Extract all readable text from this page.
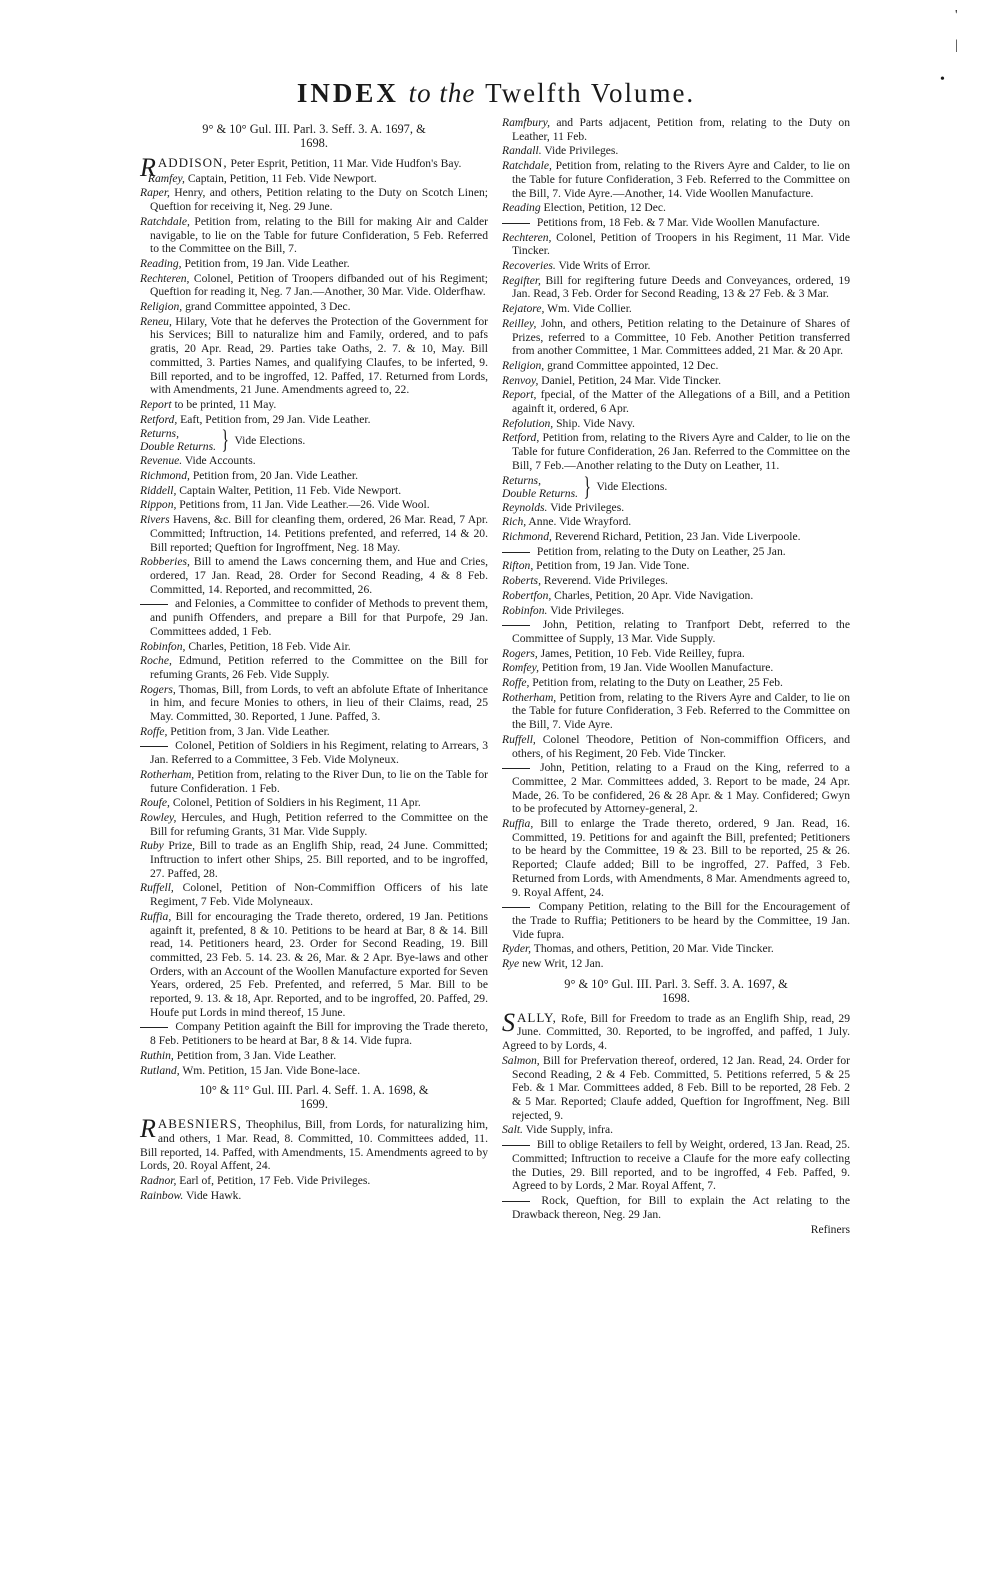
'
|
•
INDEX to the Twelfth Volume.
9° & 10° Gul. III. Parl. 3. Seff. 3. A. 1697, &
1698.
RADDISON, Peter Esprit, Petition, 11 Mar. Vide Hudfon's Bay.
Ramfey, Captain, Petition, 11 Feb. Vide Newport.
Raper, Henry, and others, Petition relating to the Duty on Scotch Linen; Queftion for receiving it, Neg. 29 June.
Ratchdale, Petition from, relating to the Bill for making Air and Calder navigable, to lie on the Table for future Confideration, 5 Feb. Referred to the Committee on the Bill, 7.
Reading, Petition from, 19 Jan. Vide Leather.
Rechteren, Colonel, Petition of Troopers difbanded out of his Regiment; Queftion for reading it, Neg. 7 Jan.—Another, 30 Mar. Vide. Olderfhaw.
Religion, grand Committee appointed, 3 Dec.
Reneu, Hilary, Vote that he deferves the Protection of the Government for his Services; Bill to naturalize him and Family, ordered, and to pafs gratis, 20 Apr. Read, 29. Parties take Oaths, 2. 7. & 10, May. Bill committed, 3. Parties Names, and qualifying Claufes, to be inferted, 9. Bill reported, and to be ingroffed, 12. Paffed, 17. Returned from Lords, with Amendments, 21 June. Amendments agreed to, 22.
Report to be printed, 11 May.
Retford, Eaft, Petition from, 29 Jan. Vide Leather.
Returns,
Double Returns. } Vide Elections.
Revenue. Vide Accounts.
Richmond, Petition from, 20 Jan. Vide Leather.
Riddell, Captain Walter, Petition, 11 Feb. Vide Newport.
Rippon, Petitions from, 11 Jan. Vide Leather.—26. Vide Wool.
Rivers Havens, &c. Bill for cleanfing them, ordered, 26 Mar. Read, 7 Apr. Committed; Inftruction, 14. Petitions prefented, and referred, 14 & 20. Bill reported; Queftion for Ingroffment, Neg. 18 May.
Robberies, Bill to amend the Laws concerning them, and Hue and Cries, ordered, 17 Jan. Read, 28. Order for Second Reading, 4 & 8 Feb. Committed, 14. Reported, and recommitted, 26.
and Felonies, a Committee to confider of Methods to prevent them, and punifh Offenders, and prepare a Bill for that Purpofe, 29 Jan. Committees added, 1 Feb.
Robinfon, Charles, Petition, 18 Feb. Vide Air.
Roche, Edmund, Petition referred to the Committee on the Bill for refuming Grants, 26 Feb. Vide Supply.
Rogers, Thomas, Bill, from Lords, to veft an abfolute Eftate of Inheritance in him, and fecure Monies to others, in lieu of their Claims, read, 25 May. Committed, 30. Reported, 1 June. Paffed, 3.
Roffe, Petition from, 3 Jan. Vide Leather.
Colonel, Petition of Soldiers in his Regiment, relating to Arrears, 3 Jan. Referred to a Committee, 3 Feb. Vide Molyneux.
Rotherham, Petition from, relating to the River Dun, to lie on the Table for future Confideration. 1 Feb.
Roufe, Colonel, Petition of Soldiers in his Regiment, 11 Apr.
Rowley, Hercules, and Hugh, Petition referred to the Committee on the Bill for refuming Grants, 31 Mar. Vide Supply.
Ruby Prize, Bill to trade as an Englifh Ship, read, 24 June. Committed; Inftruction to infert other Ships, 25. Bill reported, and to be ingroffed, 27. Paffed, 28.
Ruffell, Colonel, Petition of Non-Commiffion Officers of his late Regiment, 7 Feb. Vide Molyneaux.
Ruffia, Bill for encouraging the Trade thereto, ordered, 19 Jan. Petitions againft it, prefented, 8 & 10. Petitions to be heard at Bar, 8 & 14. Bill read, 14. Petitioners heard, 23. Order for Second Reading, 19. Bill committed, 23 Feb. 5. 14. 23. & 26, Mar. & 2 Apr. Bye-laws and other Orders, with an Account of the Woollen Manufacture exported for Seven Years, ordered, 25 Feb. Prefented, and referred, 5 Mar. Bill to be reported, 9. 13. & 18, Apr. Reported, and to be ingroffed, 20. Paffed, 29. Houfe put Lords in mind thereof, 15 June.
Company Petition againft the Bill for improving the Trade thereto, 8 Feb. Petitioners to be heard at Bar, 8 & 14. Vide fupra.
Ruthin, Petition from, 3 Jan. Vide Leather.
Rutland, Wm. Petition, 15 Jan. Vide Bone-lace.
10° & 11° Gul. III. Parl. 4. Seff. 1. A. 1698, &
1699.
RABESNIERS, Theophilus, Bill, from Lords, for naturalizing him, and others, 1 Mar. Read, 8. Committed, 10. Committees added, 11. Bill reported, 14. Paffed, with Amendments, 15. Amendments agreed to by Lords, 20. Royal Affent, 24.
Radnor, Earl of, Petition, 17 Feb. Vide Privileges.
Rainbow. Vide Hawk.
Ramfbury, and Parts adjacent, Petition from, relating to the Duty on Leather, 11 Feb.
Randall. Vide Privileges.
Ratchdale, Petition from, relating to the Rivers Ayre and Calder, to lie on the Table for future Confideration, 3 Feb. Referred to the Committee on the Bill, 7. Vide Ayre.—Another, 14. Vide Woollen Manufacture.
Reading Election, Petition, 12 Dec.
Petitions from, 18 Feb. & 7 Mar. Vide Woollen Manufacture.
Rechteren, Colonel, Petition of Troopers in his Regiment, 11 Mar. Vide Tincker.
Recoveries. Vide Writs of Error.
Regifter, Bill for regiftering future Deeds and Conveyances, ordered, 19 Jan. Read, 3 Feb. Order for Second Reading, 13 & 27 Feb. & 3 Mar.
Rejatore, Wm. Vide Collier.
Reilley, John, and others, Petition relating to the Detainure of Shares of Prizes, referred to a Committee, 10 Feb. Another Petition transferred from another Committee, 1 Mar. Committees added, 21 Mar. & 20 Apr.
Religion, grand Committee appointed, 12 Dec.
Renvoy, Daniel, Petition, 24 Mar. Vide Tincker.
Report, fpecial, of the Matter of the Allegations of a Bill, and a Petition againft it, ordered, 6 Apr.
Refolution, Ship. Vide Navy.
Retford, Petition from, relating to the Rivers Ayre and Calder, to lie on the Table for future Confideration, 26 Jan. Referred to the Committee on the Bill, 7 Feb.—Another relating to the Duty on Leather, 11.
Returns,
Double Returns. } Vide Elections.
Reynolds. Vide Privileges.
Rich, Anne. Vide Wrayford.
Richmond, Reverend Richard, Petition, 23 Jan. Vide Liverpoole.
Petition from, relating to the Duty on Leather, 25 Jan.
Rifton, Petition from, 19 Jan. Vide Tone.
Roberts, Reverend. Vide Privileges.
Robertfon, Charles, Petition, 20 Apr. Vide Navigation.
Robinfon. Vide Privileges.
John, Petition, relating to Tranfport Debt, referred to the Committee of Supply, 13 Mar. Vide Supply.
Rogers, James, Petition, 10 Feb. Vide Reilley, fupra.
Romfey, Petition from, 19 Jan. Vide Woollen Manufacture.
Roffe, Petition from, relating to the Duty on Leather, 25 Feb.
Rotherham, Petition from, relating to the Rivers Ayre and Calder, to lie on the Table for future Confideration, 3 Feb. Referred to the Committee on the Bill, 7. Vide Ayre.
Ruffell, Colonel Theodore, Petition of Non-commiffion Officers, and others, of his Regiment, 20 Feb. Vide Tincker.
John, Petition, relating to a Fraud on the King, referred to a Committee, 2 Mar. Committees added, 3. Report to be made, 24 Apr. Made, 26. To be confidered, 26 & 28 Apr. & 1 May. Confidered; Gwyn to be profecuted by Attorney-general, 2.
Ruffia, Bill to enlarge the Trade thereto, ordered, 9 Jan. Read, 16. Committed, 19. Petitions for and againft the Bill, prefented; Petitioners to be heard by the Committee, 19 & 23. Bill to be reported, 25 & 26. Reported; Claufe added; Bill to be ingroffed, 27. Paffed, 3 Feb. Returned from Lords, with Amendments, 8 Mar. Amendments agreed to, 9. Royal Affent, 24.
Company Petition, relating to the Bill for the Encouragement of the Trade to Ruffia; Petitioners to be heard by the Committee, 19 Jan. Vide fupra.
Ryder, Thomas, and others, Petition, 20 Mar. Vide Tincker.
Rye new Writ, 12 Jan.
9° & 10° Gul. III. Parl. 3. Seff. 3. A. 1697, &
1698.
SALLY, Rofe, Bill for Freedom to trade as an Englifh Ship, read, 29 June. Committed, 30. Reported, to be ingroffed, and paffed, 1 July. Agreed to by Lords, 4.
Salmon, Bill for Prefervation thereof, ordered, 12 Jan. Read, 24. Order for Second Reading, 2 & 4 Feb. Committed, 5. Petitions referred, 5 & 25 Feb. & 1 Mar. Committees added, 8 Feb. Bill to be reported, 28 Feb. 2 & 5 Mar. Reported; Claufe added, Queftion for Ingroffment, Neg. Bill rejected, 9.
Salt. Vide Supply, infra.
Bill to oblige Retailers to fell by Weight, ordered, 13 Jan. Read, 25. Committed; Inftruction to receive a Claufe for the more eafy collecting the Duties, 29. Bill reported, and to be ingroffed, 4 Feb. Paffed, 9. Agreed to by Lords, 2 Mar. Royal Affent, 7.
Rock, Queftion, for Bill to explain the Act relating to the Drawback thereon, Neg. 29 Jan.
Refiners
